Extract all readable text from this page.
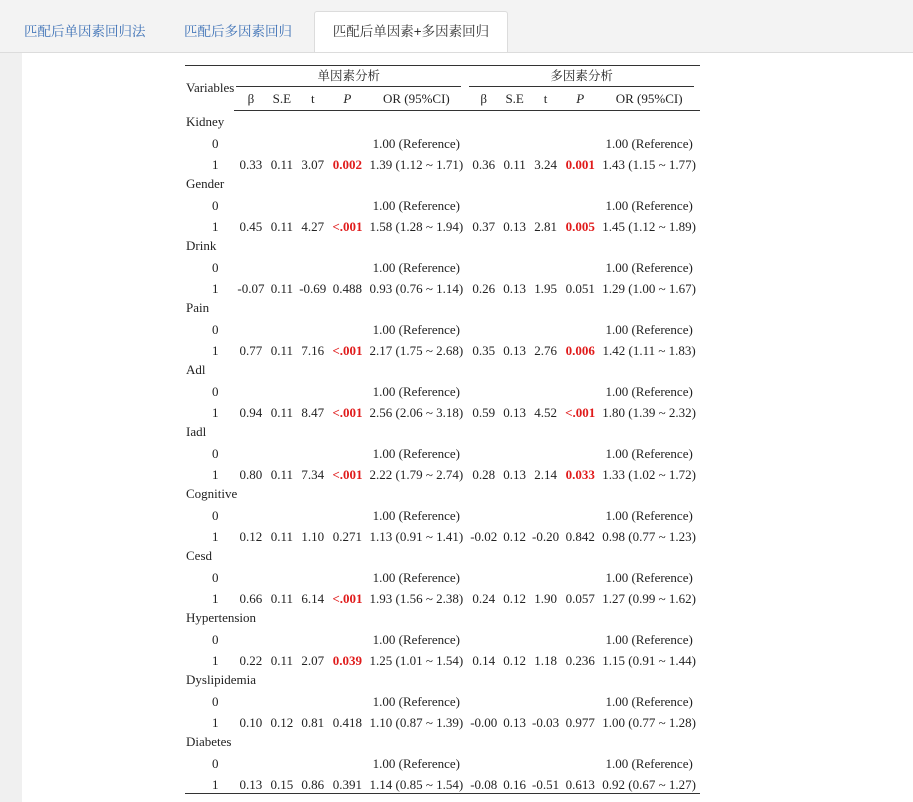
匹配后单因素回归法	匹配后多因素回归	匹配后单因素+多因素回归
Variables	单因素分析					多因素分析				

	β	S.E	t	P	OR (95%CI)	β	S.E	t	P	OR (95%CI)
Kidney										
0					1.00 (Reference)					1.00 (Reference)
1	0.33	0.11	3.07	0.002	1.39 (1.12 ~ 1.71)	0.36	0.11	3.24	0.001	1.43 (1.15 ~ 1.77)
Gender										
0					1.00 (Reference)					1.00 (Reference)
1	0.45	0.11	4.27	<.001	1.58 (1.28 ~ 1.94)	0.37	0.13	2.81	0.005	1.45 (1.12 ~ 1.89)
Drink										
0					1.00 (Reference)					1.00 (Reference)
1	-0.07	0.11	-0.69	0.488	0.93 (0.76 ~ 1.14)	0.26	0.13	1.95	0.051	1.29 (1.00 ~ 1.67)
Pain										
0					1.00 (Reference)					1.00 (Reference)
1	0.77	0.11	7.16	<.001	2.17 (1.75 ~ 2.68)	0.35	0.13	2.76	0.006	1.42 (1.11 ~ 1.83)
Adl										
0					1.00 (Reference)					1.00 (Reference)
1	0.94	0.11	8.47	<.001	2.56 (2.06 ~ 3.18)	0.59	0.13	4.52	<.001	1.80 (1.39 ~ 2.32)
Iadl										
0					1.00 (Reference)					1.00 (Reference)
1	0.80	0.11	7.34	<.001	2.22 (1.79 ~ 2.74)	0.28	0.13	2.14	0.033	1.33 (1.02 ~ 1.72)
Cognitive										
0					1.00 (Reference)					1.00 (Reference)
1	0.12	0.11	1.10	0.271	1.13 (0.91 ~ 1.41)	-0.02	0.12	-0.20	0.842	0.98 (0.77 ~ 1.23)
Cesd										
0					1.00 (Reference)					1.00 (Reference)
1	0.66	0.11	6.14	<.001	1.93 (1.56 ~ 2.38)	0.24	0.12	1.90	0.057	1.27 (0.99 ~ 1.62)
Hypertension										
0					1.00 (Reference)					1.00 (Reference)
1	0.22	0.11	2.07	0.039	1.25 (1.01 ~ 1.54)	0.14	0.12	1.18	0.236	1.15 (0.91 ~ 1.44)
Dyslipidemia										
0					1.00 (Reference)					1.00 (Reference)
1	0.10	0.12	0.81	0.418	1.10 (0.87 ~ 1.39)	-0.00	0.13	-0.03	0.977	1.00 (0.77 ~ 1.28)
Diabetes										
0					1.00 (Reference)					1.00 (Reference)
1	0.13	0.15	0.86	0.391	1.14 (0.85 ~ 1.54)	-0.08	0.16	-0.51	0.613	0.92 (0.67 ~ 1.27)
